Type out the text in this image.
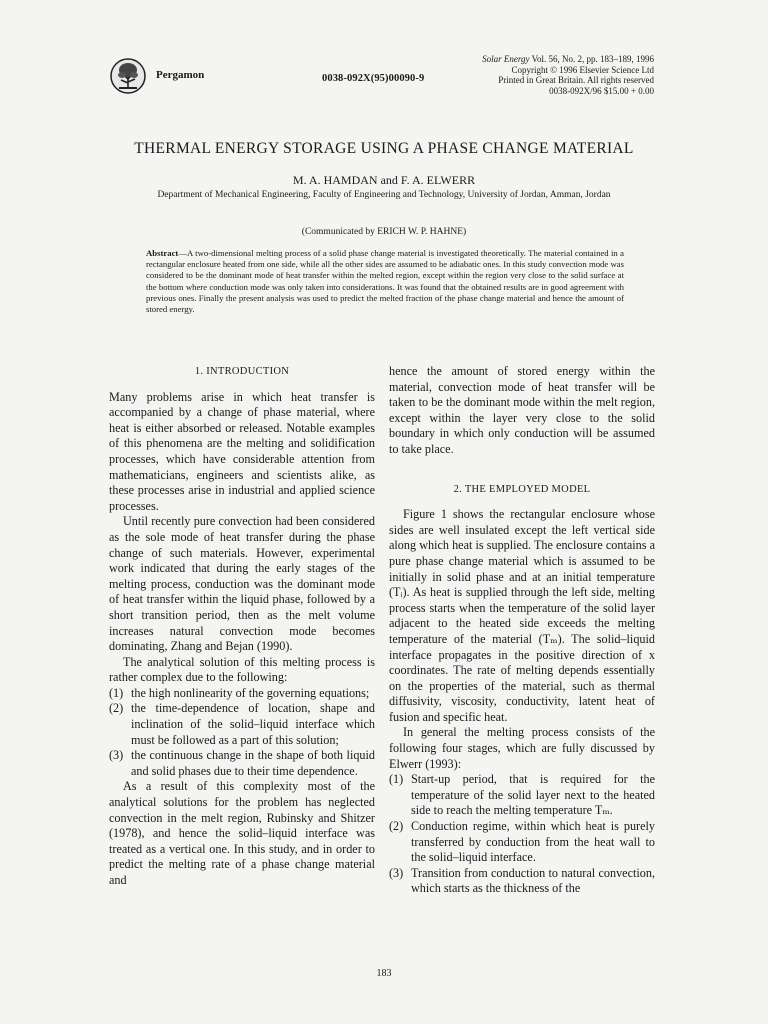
Pergamon	0038-092X(95)00090-9
Solar Energy Vol. 56, No. 2, pp. 183–189, 1996
Copyright © 1996 Elsevier Science Ltd
Printed in Great Britain. All rights reserved
0038-092X/96 $15.00 + 0.00
THERMAL ENERGY STORAGE USING A PHASE CHANGE MATERIAL
M. A. HAMDAN and F. A. ELWERR
Department of Mechanical Engineering, Faculty of Engineering and Technology, University of Jordan, Amman, Jordan
(Communicated by ERICH W. P. HAHNE)
Abstract—A two-dimensional melting process of a solid phase change material is investigated theoretically. The material contained in a rectangular enclosure heated from one side, while all the other sides are assumed to be adiabatic ones. In this study convection mode was considered to be the dominant mode of heat transfer within the melted region, except within the region very close to the solid surface at the bottom where conduction mode was only taken into considerations. It was found that the obtained results are in good agreement with previous ones. Finally the present analysis was used to predict the melted fraction of the phase change material and hence the amount of stored energy.
1. INTRODUCTION

Many problems arise in which heat transfer is accompanied by a change of phase material, where heat is either absorbed or released. Notable examples of this phenomena are the melting and solidification processes, which have considerable attention from mathematicians, engineers and scientists alike, as these processes arise in industrial and applied science processes.

Until recently pure convection had been considered as the sole mode of heat transfer during the phase change of such materials. However, experimental work indicated that during the early stages of the melting process, conduction was the dominant mode of heat transfer within the liquid phase, followed by a short transition period, then as the melt volume increases natural convection mode becomes dominating, Zhang and Bejan (1990).

The analytical solution of this melting process is rather complex due to the following:

(1) the high nonlinearity of the governing equations;
(2) the time-dependence of location, shape and inclination of the solid–liquid interface which must be followed as a part of this solution;
(3) the continuous change in the shape of both liquid and solid phases due to their time dependence.

As a result of this complexity most of the analytical solutions for the problem has neglected convection in the melt region, Rubinsky and Shitzer (1978), and hence the solid–liquid interface was treated as a vertical one. In this study, and in order to predict the melting rate of a phase change material and

hence the amount of stored energy within the material, convection mode of heat transfer will be taken to be the dominant mode within the melt region, except within the layer very close to the solid boundary in which only conduction will be assumed to take place.

2. THE EMPLOYED MODEL

Figure 1 shows the rectangular enclosure whose sides are well insulated except the left vertical side along which heat is supplied. The enclosure contains a pure phase change material which is assumed to be initially in solid phase and at an initial temperature (Tᵢ). As heat is supplied through the left side, melting process starts when the temperature of the solid layer adjacent to the heated side exceeds the melting temperature of the material (Tₘ). The solid–liquid interface propagates in the positive direction of x coordinates. The rate of melting depends essentially on the properties of the material, such as thermal diffusivity, viscosity, conductivity, latent heat of fusion and specific heat.

In general the melting process consists of the following four stages, which are fully discussed by Elwerr (1993):

(1) Start-up period, that is required for the temperature of the solid layer next to the heated side to reach the melting temperature Tₘ.
(2) Conduction regime, within which heat is purely transferred by conduction from the heat wall to the solid–liquid interface.
(3) Transition from conduction to natural convection, which starts as the thickness of the
183
